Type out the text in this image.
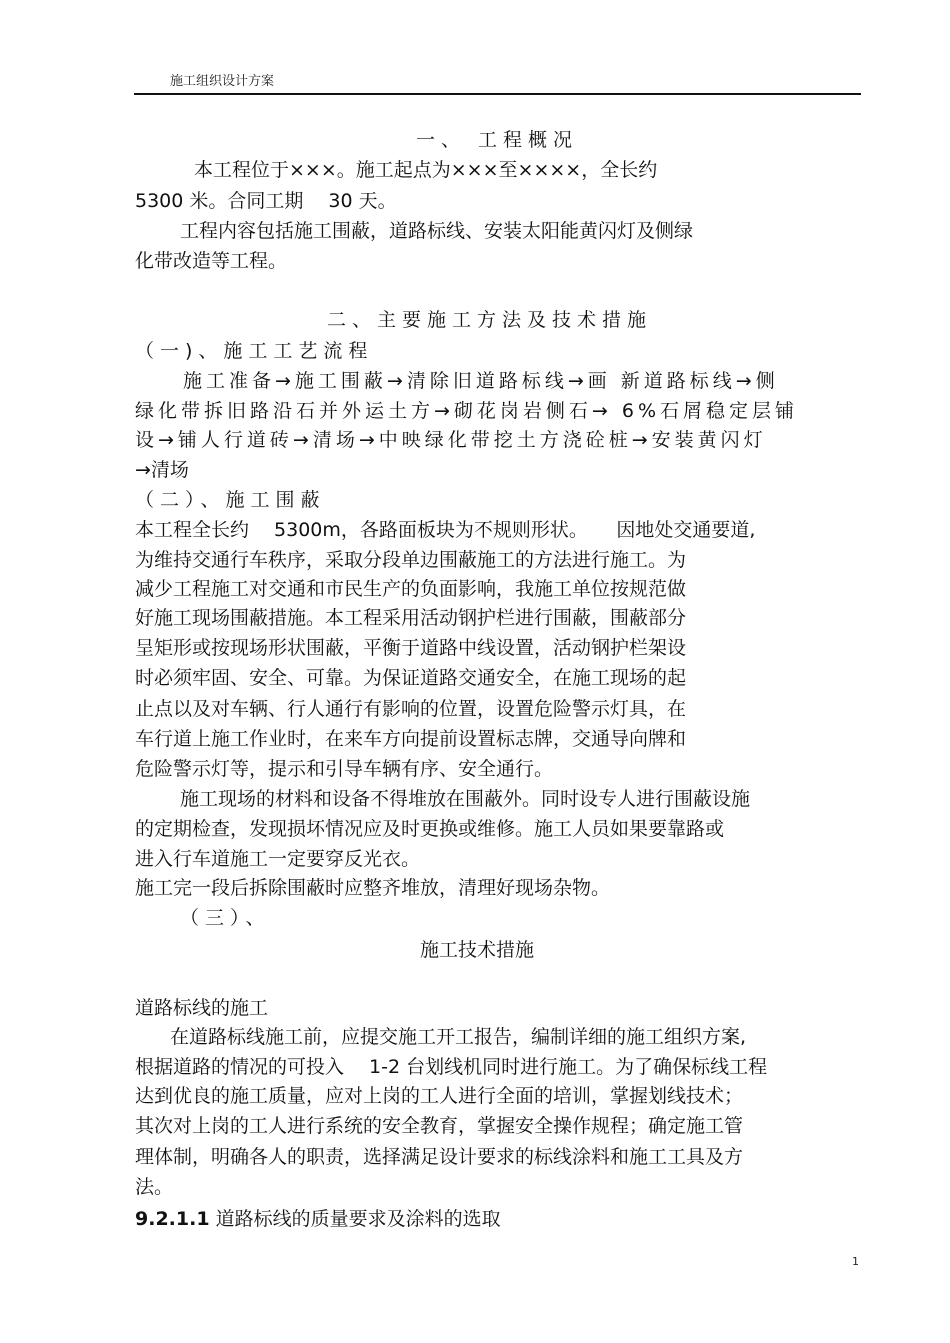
施工组织设计方案
一、 工程概况
本工程位于×××。施工起点为×××至××××，全长约
5300 米。合同工期　 30 天。
工程内容包括施工围蔽，道路标线、安装太阳能黄闪灯及侧绿
化带改造等工程。
二、主要施工方法及技术措施
（一)、施工工艺流程
施工准备→施工围蔽→清除旧道路标线→画 新道路标线→侧
绿化带拆旧路沿石并外运土方→砌花岗岩侧石→ 6%石屑稳定层铺
设→铺人行道砖→清场→中映绿化带挖土方浇砼桩→安装黄闪灯
→清场
（二）、施工围蔽
本工程全长约　 5300m，各路面板块为不规则形状。　　因地处交通要道,
为维持交通行车秩序，采取分段单边围蔽施工的方法进行施工。为
减少工程施工对交通和市民生产的负面影响，我施工单位按规范做
好施工现场围蔽措施。本工程采用活动钢护栏进行围蔽，围蔽部分
呈矩形或按现场形状围蔽，平衡于道路中线设置，活动钢护栏架设
时必须牢固、安全、可靠。为保证道路交通安全，在施工现场的起
止点以及对车辆、行人通行有影响的位置，设置危险警示灯具，在
车行道上施工作业时，在来车方向提前设置标志牌，交通导向牌和
危险警示灯等，提示和引导车辆有序、安全通行。
施工现场的材料和设备不得堆放在围蔽外。同时设专人进行围蔽设施
的定期检查，发现损坏情况应及时更换或维修。施工人员如果要靠路或
进入行车道施工一定要穿反光衣。
施工完一段后拆除围蔽时应整齐堆放，清理好现场杂物。
（三）、
施工技术措施
道路标线的施工
在道路标线施工前，应提交施工开工报告，编制详细的施工组织方案,
根据道路的情况的可投入　 1-2 台划线机同时进行施工。为了确保标线工程
达到优良的施工质量，应对上岗的工人进行全面的培训，掌握划线技术；
其次对上岗的工人进行系统的安全教育，掌握安全操作规程；确定施工管
理体制，明确各人的职责，选择满足设计要求的标线涂料和施工工具及方
法。
9.2.1.1 道路标线的质量要求及涂料的选取
1
